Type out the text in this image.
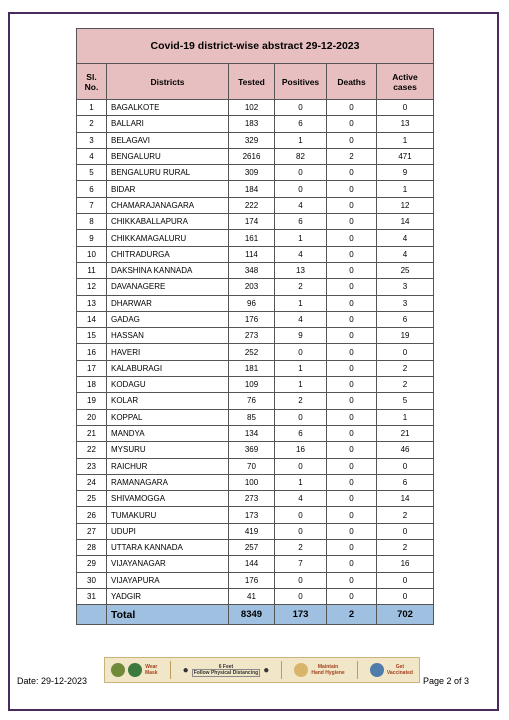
Covid-19 district-wise abstract 29-12-2023					
Sl.
No.	Districts	Tested	Positives	Deaths	Active
cases
1	BAGALKOTE	102	0	0	0
2	BALLARI	183	6	0	13
3	BELAGAVI	329	1	0	1
4	BENGALURU	2616	82	2	471
5	BENGALURU RURAL	309	0	0	9
6	BIDAR	184	0	0	1
7	CHAMARAJANAGARA	222	4	0	12
8	CHIKKABALLAPURA	174	6	0	14
9	CHIKKAMAGALURU	161	1	0	4
10	CHITRADURGA	114	4	0	4
11	DAKSHINA KANNADA	348	13	0	25
12	DAVANAGERE	203	2	0	3
13	DHARWAR	96	1	0	3
14	GADAG	176	4	0	6
15	HASSAN	273	9	0	19
16	HAVERI	252	0	0	0
17	KALABURAGI	181	1	0	2
18	KODAGU	109	1	0	2
19	KOLAR	76	2	0	5
20	KOPPAL	85	0	0	1
21	MANDYA	134	6	0	21
22	MYSURU	369	16	0	46
23	RAICHUR	70	0	0	0
24	RAMANAGARA	100	1	0	6
25	SHIVAMOGGA	273	4	0	14
26	TUMAKURU	173	0	0	2
27	UDUPI	419	0	0	0
28	UTTARA KANNADA	257	2	0	2
29	VIJAYANAGAR	144	7	0	16
30	VIJAYAPURA	176	0	0	0
31	YADGIR	41	0	0	0
	Total	8349	173	2	702
Wear
Mask	●	6 Feet
Follow Physical Distancing ●	Maintain
Hand Hygiene
Get
Vaccinated
Date: 29-12-2023	Page 2 of 3
